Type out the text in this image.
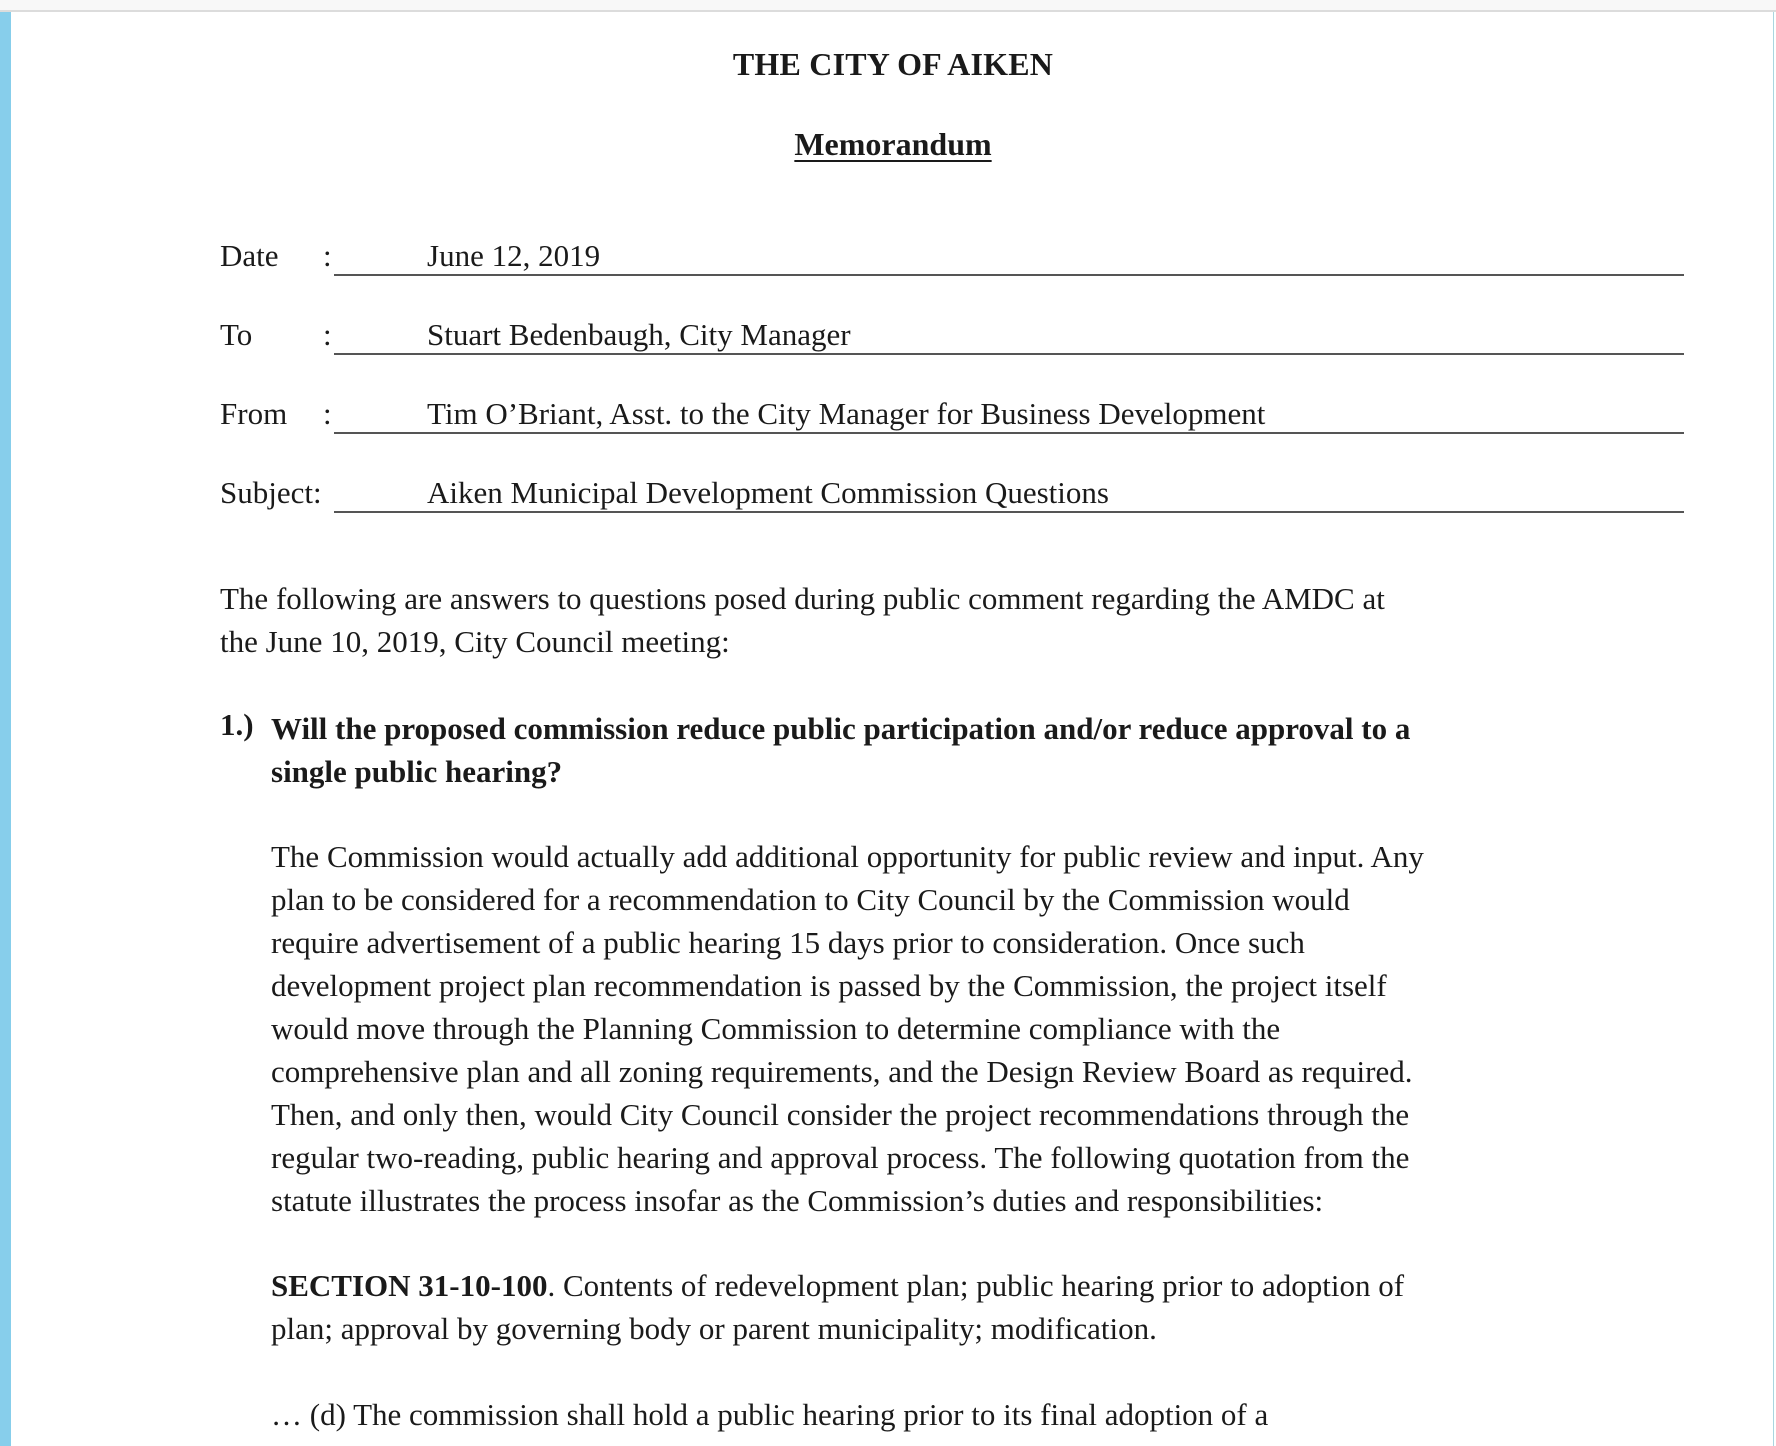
THE CITY OF AIKEN
Memorandum
Date :	June 12, 2019
To :	Stuart Bedenbaugh, City Manager
From :	Tim O’Briant, Asst. to the City Manager for Business Development
Subject:	Aiken Municipal Development Commission Questions
The following are answers to questions posed during public comment regarding the AMDC at
the June 10, 2019, City Council meeting:
1.) Will the proposed commission reduce public participation and/or reduce approval to a
single public hearing?
The Commission would actually add additional opportunity for public review and input. Any
plan to be considered for a recommendation to City Council by the Commission would
require advertisement of a public hearing 15 days prior to consideration. Once such
development project plan recommendation is passed by the Commission, the project itself
would move through the Planning Commission to determine compliance with the
comprehensive plan and all zoning requirements, and the Design Review Board as required.
Then, and only then, would City Council consider the project recommendations through the
regular two-reading, public hearing and approval process. The following quotation from the
statute illustrates the process insofar as the Commission’s duties and responsibilities:
SECTION 31-10-100. Contents of redevelopment plan; public hearing prior to adoption of
plan; approval by governing body or parent municipality; modification.
… (d) The commission shall hold a public hearing prior to its final adoption of a
